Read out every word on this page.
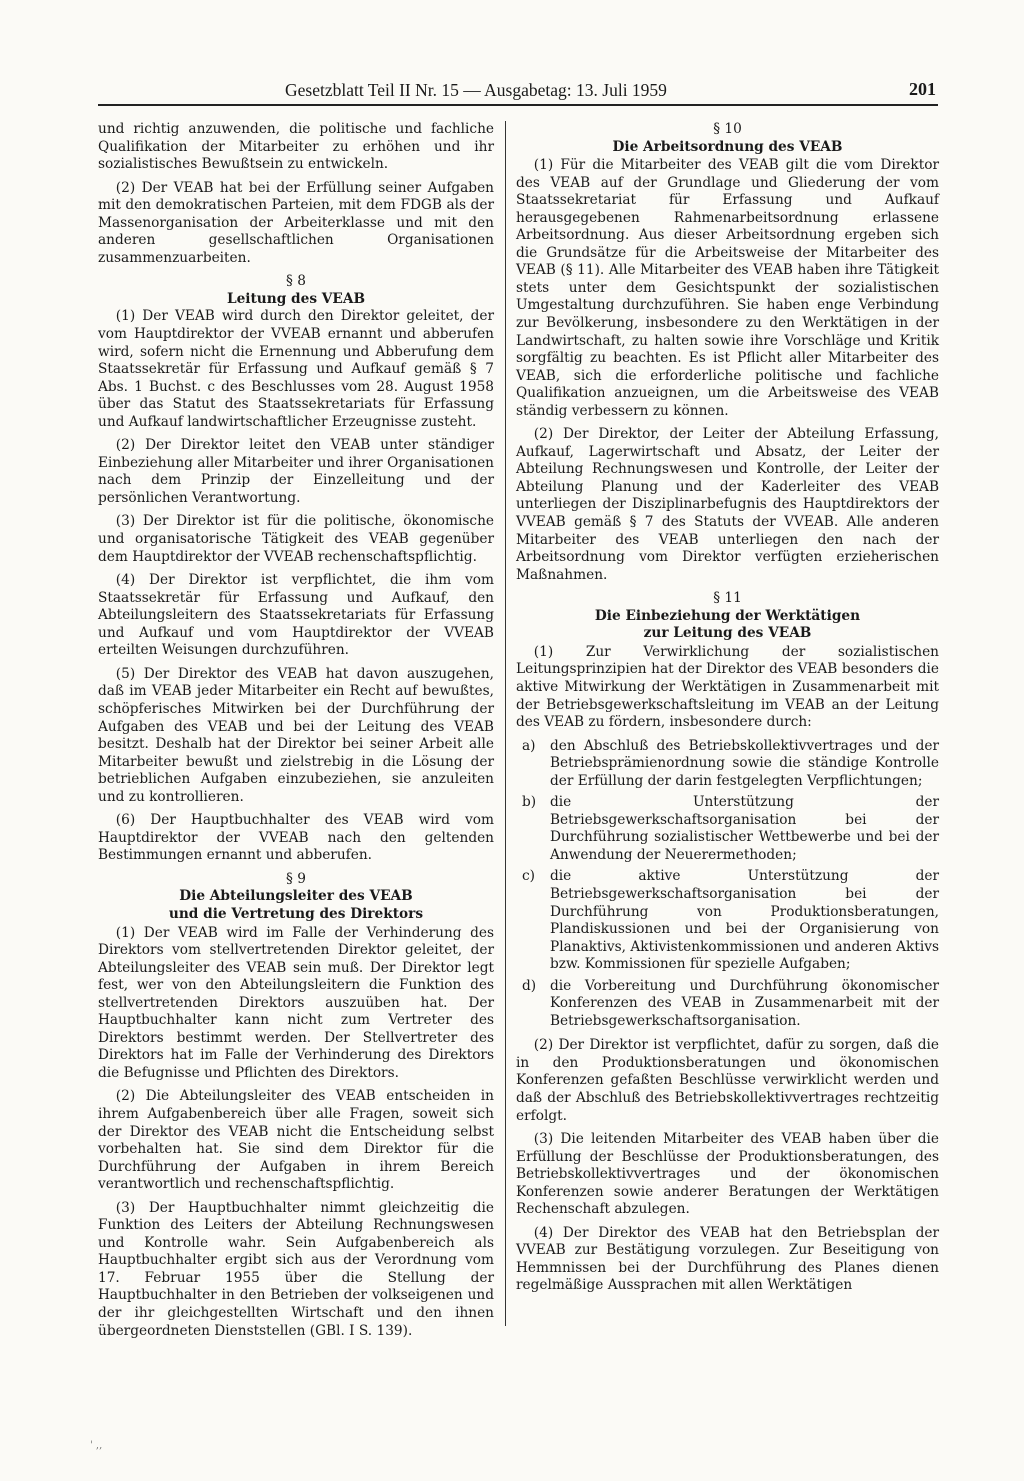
Gesetzblatt Teil II Nr. 15 — Ausgabetag: 13. Juli 1959	201

und richtig anzuwenden, die politische und fachliche Qualifikation der Mitarbeiter zu erhöhen und ihr sozialistisches Bewußtsein zu entwickeln.

(2) Der VEAB hat bei der Erfüllung seiner Aufgaben mit den demokratischen Parteien, mit dem FDGB als der Massenorganisation der Arbeiterklasse und mit den anderen gesellschaftlichen Organisationen zusammenzuarbeiten.

§ 8
Leitung des VEAB

(1) Der VEAB wird durch den Direktor geleitet, der vom Hauptdirektor der VVEAB ernannt und abberufen wird, sofern nicht die Ernennung und Abberufung dem Staatssekretär für Erfassung und Aufkauf gemäß § 7 Abs. 1 Buchst. c des Beschlusses vom 28. August 1958 über das Statut des Staatssekretariats für Erfassung und Aufkauf landwirtschaftlicher Erzeugnisse zusteht.

(2) Der Direktor leitet den VEAB unter ständiger Einbeziehung aller Mitarbeiter und ihrer Organisationen nach dem Prinzip der Einzelleitung und der persönlichen Verantwortung.

(3) Der Direktor ist für die politische, ökonomische und organisatorische Tätigkeit des VEAB gegenüber dem Hauptdirektor der VVEAB rechenschaftspflichtig.

(4) Der Direktor ist verpflichtet, die ihm vom Staatssekretär für Erfassung und Aufkauf, den Abteilungsleitern des Staatssekretariats für Erfassung und Aufkauf und vom Hauptdirektor der VVEAB erteilten Weisungen durchzuführen.

(5) Der Direktor des VEAB hat davon auszugehen, daß im VEAB jeder Mitarbeiter ein Recht auf bewußtes, schöpferisches Mitwirken bei der Durchführung der Aufgaben des VEAB und bei der Leitung des VEAB besitzt. Deshalb hat der Direktor bei seiner Arbeit alle Mitarbeiter bewußt und zielstrebig in die Lösung der betrieblichen Aufgaben einzubeziehen, sie anzuleiten und zu kontrollieren.

(6) Der Hauptbuchhalter des VEAB wird vom Hauptdirektor der VVEAB nach den geltenden Bestimmungen ernannt und abberufen.

§ 9
Die Abteilungsleiter des VEAB
und die Vertretung des Direktors

(1) Der VEAB wird im Falle der Verhinderung des Direktors vom stellvertretenden Direktor geleitet, der Abteilungsleiter des VEAB sein muß. Der Direktor legt fest, wer von den Abteilungsleitern die Funktion des stellvertretenden Direktors auszuüben hat. Der Hauptbuchhalter kann nicht zum Vertreter des Direktors bestimmt werden. Der Stellvertreter des Direktors hat im Falle der Verhinderung des Direktors die Befugnisse und Pflichten des Direktors.

(2) Die Abteilungsleiter des VEAB entscheiden in ihrem Aufgabenbereich über alle Fragen, soweit sich der Direktor des VEAB nicht die Entscheidung selbst vorbehalten hat. Sie sind dem Direktor für die Durchführung der Aufgaben in ihrem Bereich verantwortlich und rechenschaftspflichtig.

(3) Der Hauptbuchhalter nimmt gleichzeitig die Funktion des Leiters der Abteilung Rechnungswesen und Kontrolle wahr. Sein Aufgabenbereich als Hauptbuchhalter ergibt sich aus der Verordnung vom 17. Februar 1955 über die Stellung der Hauptbuchhalter in den Betrieben der volkseigenen und der ihr gleichgestellten Wirtschaft und den ihnen übergeordneten Dienststellen (GBl. I S. 139).

§ 10
Die Arbeitsordnung des VEAB

(1) Für die Mitarbeiter des VEAB gilt die vom Direktor des VEAB auf der Grundlage und Gliederung der vom Staatssekretariat für Erfassung und Aufkauf herausgegebenen Rahmenarbeitsordnung erlassene Arbeitsordnung. Aus dieser Arbeitsordnung ergeben sich die Grundsätze für die Arbeitsweise der Mitarbeiter des VEAB (§ 11). Alle Mitarbeiter des VEAB haben ihre Tätigkeit stets unter dem Gesichtspunkt der sozialistischen Umgestaltung durchzuführen. Sie haben enge Verbindung zur Bevölkerung, insbesondere zu den Werktätigen in der Landwirtschaft, zu halten sowie ihre Vorschläge und Kritik sorgfältig zu beachten. Es ist Pflicht aller Mitarbeiter des VEAB, sich die erforderliche politische und fachliche Qualifikation anzueignen, um die Arbeitsweise des VEAB ständig verbessern zu können.

(2) Der Direktor, der Leiter der Abteilung Erfassung, Aufkauf, Lagerwirtschaft und Absatz, der Leiter der Abteilung Rechnungswesen und Kontrolle, der Leiter der Abteilung Planung und der Kaderleiter des VEAB unterliegen der Disziplinarbefugnis des Hauptdirektors der VVEAB gemäß § 7 des Statuts der VVEAB. Alle anderen Mitarbeiter des VEAB unterliegen den nach der Arbeitsordnung vom Direktor verfügten erzieherischen Maßnahmen.

§ 11
Die Einbeziehung der Werktätigen
zur Leitung des VEAB

(1) Zur Verwirklichung der sozialistischen Leitungsprinzipien hat der Direktor des VEAB besonders die aktive Mitwirkung der Werktätigen in Zusammenarbeit mit der Betriebsgewerkschaftsleitung im VEAB an der Leitung des VEAB zu fördern, insbesondere durch:

a) den Abschluß des Betriebskollektivvertrages und der Betriebsprämienordnung sowie die ständige Kontrolle der Erfüllung der darin festgelegten Verpflichtungen;
b) die Unterstützung der Betriebsgewerkschaftsorganisation bei der Durchführung sozialistischer Wettbewerbe und bei der Anwendung der Neuerermethoden;
c) die aktive Unterstützung der Betriebsgewerkschaftsorganisation bei der Durchführung von Produktionsberatungen, Plandiskussionen und bei der Organisierung von Planaktivs, Aktivistenkommissionen und anderen Aktivs bzw. Kommissionen für spezielle Aufgaben;
d) die Vorbereitung und Durchführung ökonomischer Konferenzen des VEAB in Zusammenarbeit mit der Betriebsgewerkschaftsorganisation.

(2) Der Direktor ist verpflichtet, dafür zu sorgen, daß die in den Produktionsberatungen und ökonomischen Konferenzen gefaßten Beschlüsse verwirklicht werden und daß der Abschluß des Betriebskollektivvertrages rechtzeitig erfolgt.

(3) Die leitenden Mitarbeiter des VEAB haben über die Erfüllung der Beschlüsse der Produktionsberatungen, des Betriebskollektivvertrages und der ökonomischen Konferenzen sowie anderer Beratungen der Werktätigen Rechenschaft abzulegen.

(4) Der Direktor des VEAB hat den Betriebsplan der VVEAB zur Bestätigung vorzulegen. Zur Beseitigung von Hemmnissen bei der Durchführung des Planes dienen regelmäßige Aussprachen mit allen Werktätigen

' ,,
